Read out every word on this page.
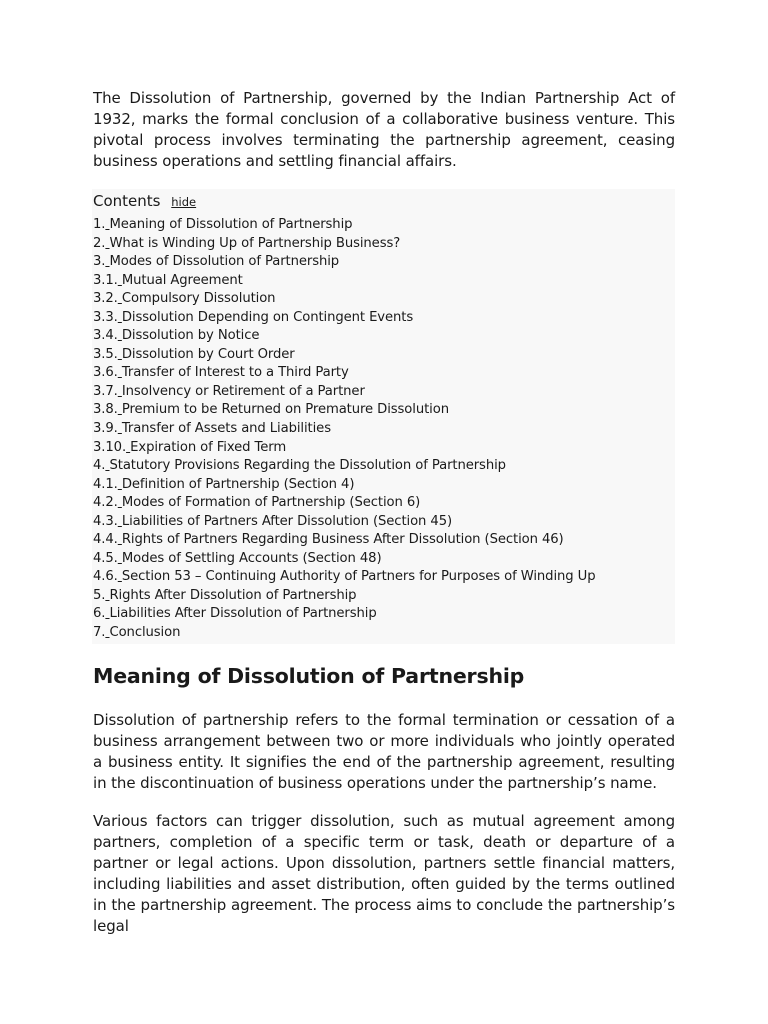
The Dissolution of Partnership, governed by the Indian Partnership Act of 1932, marks the formal conclusion of a collaborative business venture. This pivotal process involves terminating the partnership agreement, ceasing business operations and settling financial affairs.

Contents hide
1. Meaning of Dissolution of Partnership
2. What is Winding Up of Partnership Business?
3. Modes of Dissolution of Partnership
3.1. Mutual Agreement
3.2. Compulsory Dissolution
3.3. Dissolution Depending on Contingent Events
3.4. Dissolution by Notice
3.5. Dissolution by Court Order
3.6. Transfer of Interest to a Third Party
3.7. Insolvency or Retirement of a Partner
3.8. Premium to be Returned on Premature Dissolution
3.9. Transfer of Assets and Liabilities
3.10. Expiration of Fixed Term
4. Statutory Provisions Regarding the Dissolution of Partnership
4.1. Definition of Partnership (Section 4)
4.2. Modes of Formation of Partnership (Section 6)
4.3. Liabilities of Partners After Dissolution (Section 45)
4.4. Rights of Partners Regarding Business After Dissolution (Section 46)
4.5. Modes of Settling Accounts (Section 48)
4.6. Section 53 – Continuing Authority of Partners for Purposes of Winding Up
5. Rights After Dissolution of Partnership
6. Liabilities After Dissolution of Partnership
7. Conclusion
Meaning of Dissolution of Partnership

Dissolution of partnership refers to the formal termination or cessation of a business arrangement between two or more individuals who jointly operated a business entity. It signifies the end of the partnership agreement, resulting in the discontinuation of business operations under the partnership’s name.

Various factors can trigger dissolution, such as mutual agreement among partners, completion of a specific term or task, death or departure of a partner or legal actions. Upon dissolution, partners settle financial matters, including liabilities and asset distribution, often guided by the terms outlined in the partnership agreement. The process aims to conclude the partnership’s legal
